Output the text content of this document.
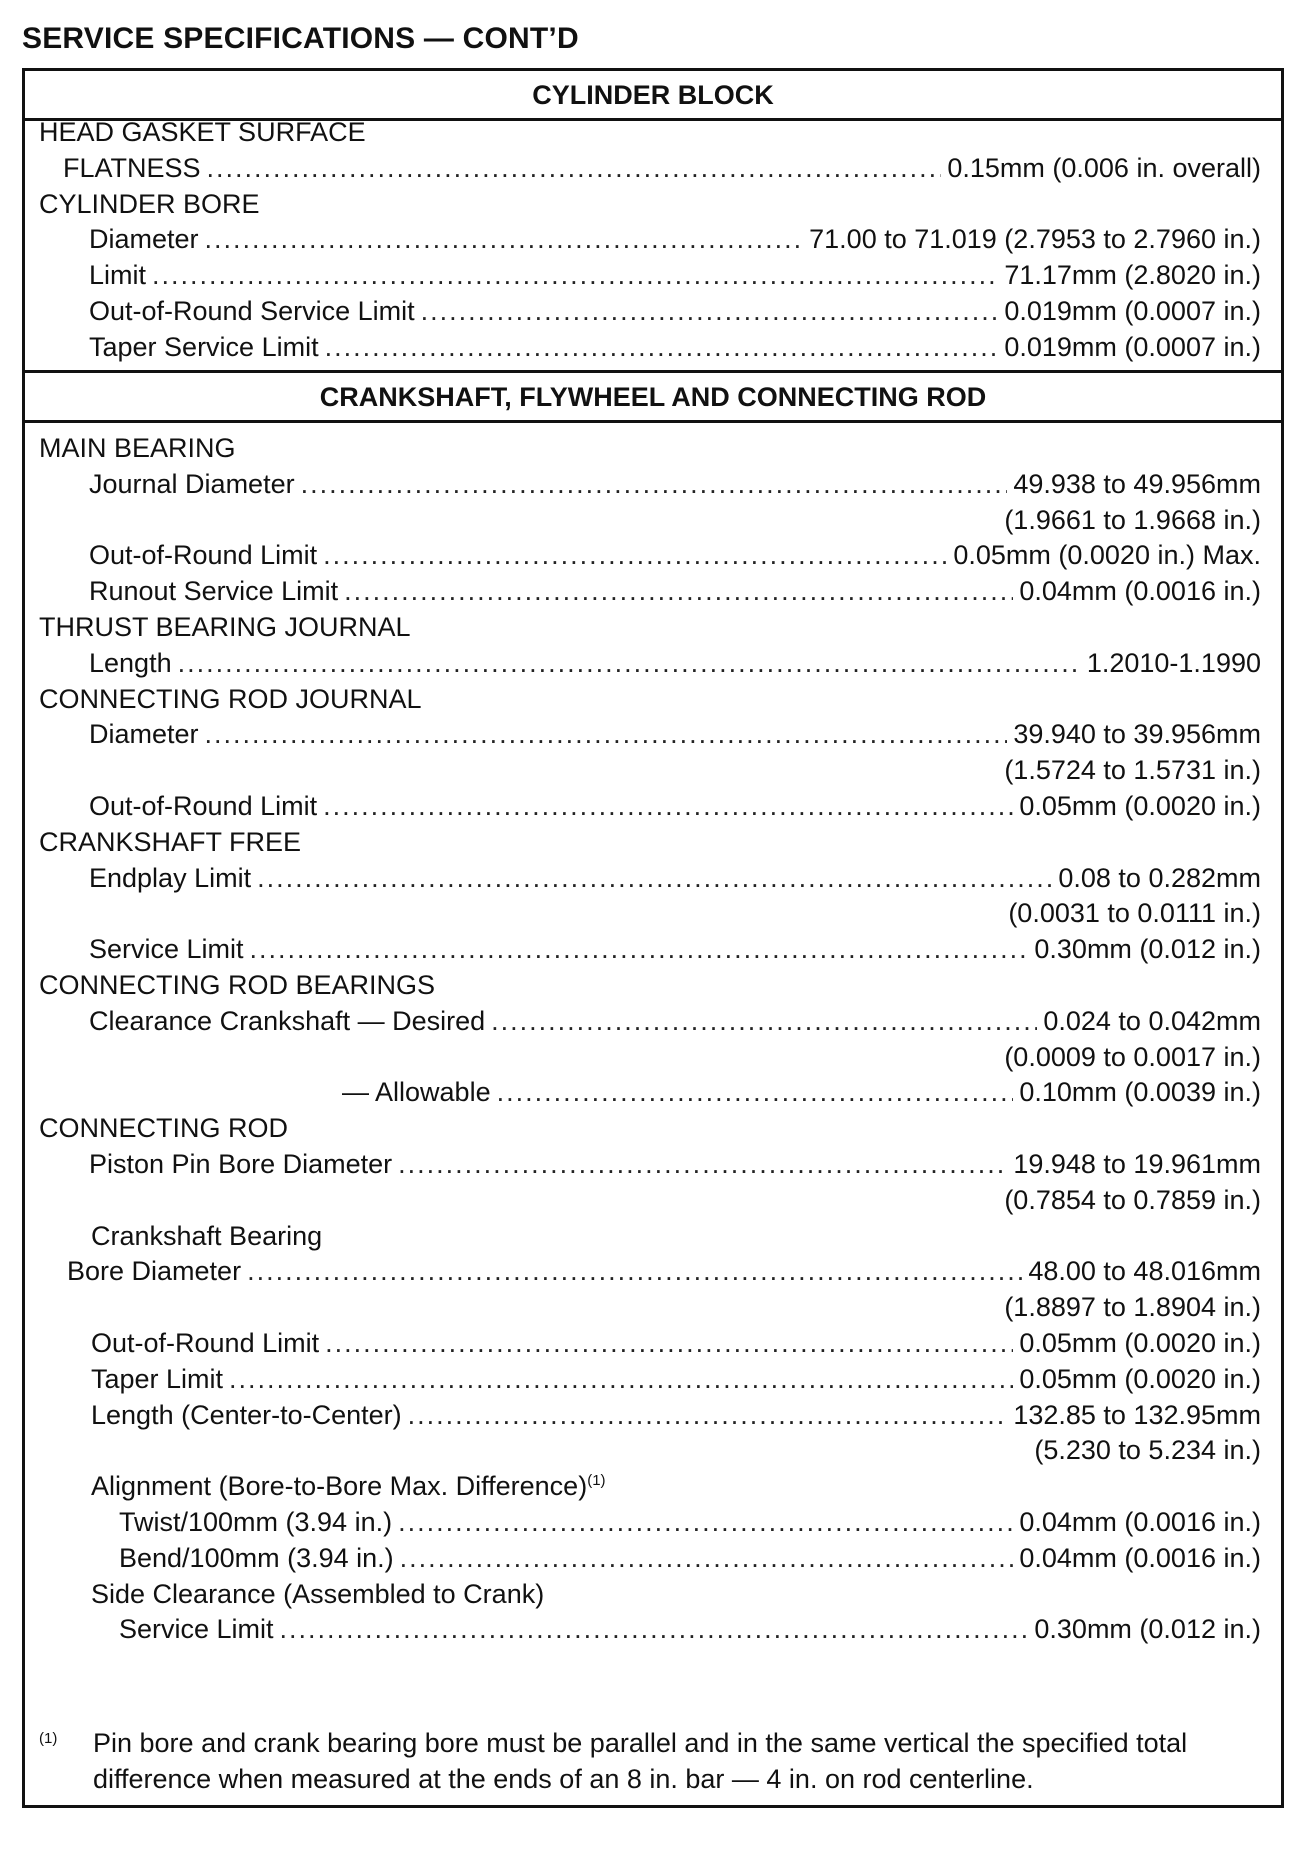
SERVICE SPECIFICATIONS — CONT’D
CYLINDER BLOCK
HEAD GASKET SURFACE
FLATNESS .....	0.15mm (0.006 in. overall)
CYLINDER BORE
Diameter .....	71.00 to 71.019 (2.7953 to 2.7960 in.)
Limit .....	71.17mm (2.8020 in.)
Out-of-Round Service Limit .....	0.019mm (0.0007 in.)
Taper Service Limit .....	0.019mm (0.0007 in.)
CRANKSHAFT, FLYWHEEL AND CONNECTING ROD
MAIN BEARING
Journal Diameter .....	49.938 to 49.956mm
(1.9661 to 1.9668 in.)
Out-of-Round Limit .....	0.05mm (0.0020 in.) Max.
Runout Service Limit .....	0.04mm (0.0016 in.)
THRUST BEARING JOURNAL
Length .....	1.2010-1.1990
CONNECTING ROD JOURNAL
Diameter .....	39.940 to 39.956mm
(1.5724 to 1.5731 in.)
Out-of-Round Limit .....	0.05mm (0.0020 in.)
CRANKSHAFT FREE
Endplay Limit .....	0.08 to 0.282mm
(0.0031 to 0.0111 in.)
Service Limit .....	0.30mm (0.012 in.)
CONNECTING ROD BEARINGS
Clearance Crankshaft — Desired .....	0.024 to 0.042mm
(0.0009 to 0.0017 in.)
— Allowable .....	0.10mm (0.0039 in.)
CONNECTING ROD
Piston Pin Bore Diameter .....	19.948 to 19.961mm
(0.7854 to 0.7859 in.)
Crankshaft Bearing
Bore Diameter .....	48.00 to 48.016mm
(1.8897 to 1.8904 in.)
Out-of-Round Limit .....	0.05mm (0.0020 in.)
Taper Limit .....	0.05mm (0.0020 in.)
Length (Center-to-Center) .....	132.85 to 132.95mm
(5.230 to 5.234 in.)
Alignment (Bore-to-Bore Max. Difference)$^{(1)}$
Twist/100mm (3.94 in.) .....	0.04mm (0.0016 in.)
Bend/100mm (3.94 in.) .....	0.04mm (0.0016 in.)
Side Clearance (Assembled to Crank)
Service Limit .....	0.30mm (0.012 in.)
(1) Pin bore and crank bearing bore must be parallel and in the same vertical the specified total difference when measured at the ends of an 8 in. bar — 4 in. on rod centerline.
